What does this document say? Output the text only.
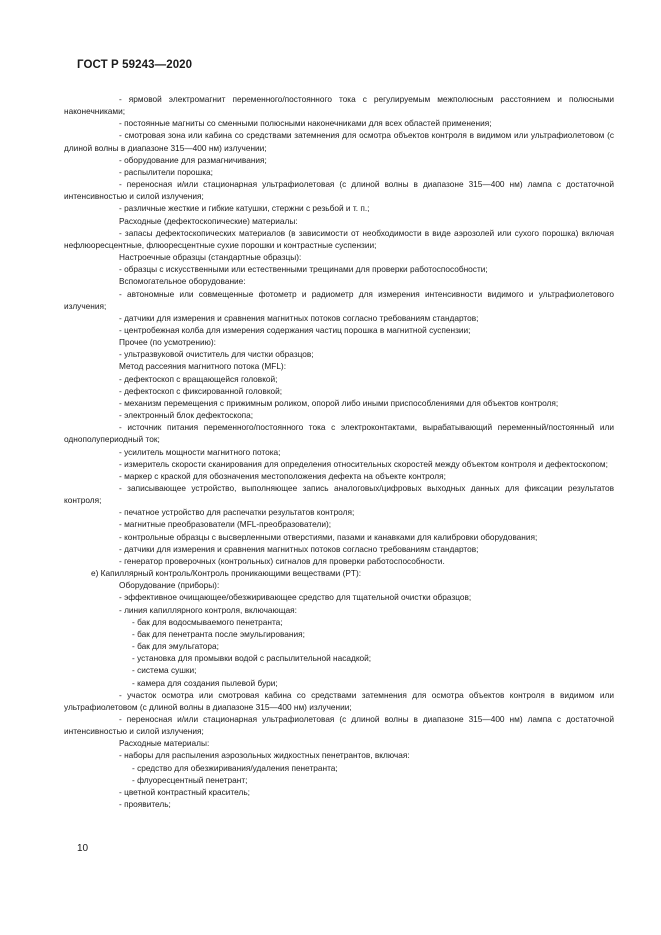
ГОСТ Р 59243—2020

- ярмовой электромагнит переменного/постоянного тока с регулируемым межполюсным расстоянием и полюсными наконечниками;

- постоянные магниты со сменными полюсными наконечниками для всех областей применения;

- смотровая зона или кабина со средствами затемнения для осмотра объектов контроля в видимом или ультрафиолетовом (с длиной волны в диапазоне 315—400 нм) излучении;

- оборудование для размагничивания;

- распылители порошка;

- переносная и/или стационарная ультрафиолетовая (с длиной волны в диапазоне 315—400 нм) лампа с достаточной интенсивностью и силой излучения;

- различные жесткие и гибкие катушки, стержни с резьбой и т. п.;

Расходные (дефектоскопические) материалы:

- запасы дефектоскопических материалов (в зависимости от необходимости в виде аэрозолей или сухого порошка) включая нефлюоресцентные, флюоресцентные сухие порошки и контрастные суспензии;

Настроечные образцы (стандартные образцы):

- образцы с искусственными или естественными трещинами для проверки работоспособности;

Вспомогательное оборудование:

- автономные или совмещенные фотометр и радиометр для измерения интенсивности видимого и ультрафиолетового излучения;

- датчики для измерения и сравнения магнитных потоков согласно требованиям стандартов;

- центробежная колба для измерения содержания частиц порошка в магнитной суспензии;

Прочее (по усмотрению):

- ультразвуковой очиститель для чистки образцов;

Метод рассеяния магнитного потока (MFL):

- дефектоскоп с вращающейся головкой;

- дефектоскоп с фиксированной головкой;

- механизм перемещения с прижимным роликом, опорой либо иными приспособлениями для объектов контроля;

- электронный блок дефектоскопа;

- источник питания переменного/постоянного тока с электроконтактами, вырабатывающий переменный/постоянный или однополупериодный ток;

- усилитель мощности магнитного потока;

- измеритель скорости сканирования для определения относительных скоростей между объектом контроля и дефектоскопом;

- маркер с краской для обозначения местоположения дефекта на объекте контроля;

- записывающее устройство, выполняющее запись аналоговых/цифровых выходных данных для фиксации результатов контроля;

- печатное устройство для распечатки результатов контроля;

- магнитные преобразователи (MFL-преобразователи);

- контрольные образцы с высверленными отверстиями, пазами и канавками для калибровки оборудования;

- датчики для измерения и сравнения магнитных потоков согласно требованиям стандартов;

- генератор проверочных (контрольных) сигналов для проверки работоспособности.

е) Капиллярный контроль/Контроль проникающими веществами (PT):

Оборудование (приборы):

- эффективное очищающее/обезжиривающее средство для тщательной очистки образцов;

- линия капиллярного контроля, включающая:

- бак для водосмываемого пенетранта;

- бак для пенетранта после эмульгирования;

- бак для эмульгатора;

- установка для промывки водой с распылительной насадкой;

- система сушки;

- камера для создания пылевой бури;

- участок осмотра или смотровая кабина со средствами затемнения для осмотра объектов контроля в видимом или ультрафиолетовом (с длиной волны в диапазоне 315—400 нм) излучении;

- переносная и/или стационарная ультрафиолетовая (с длиной волны в диапазоне 315—400 нм) лампа с достаточной интенсивностью и силой излучения;

Расходные материалы:

- наборы для распыления аэрозольных жидкостных пенетрантов, включая:

- средство для обезжиривания/удаления пенетранта;

- флуоресцентный пенетрант;

- цветной контрастный краситель;

- проявитель;

10
